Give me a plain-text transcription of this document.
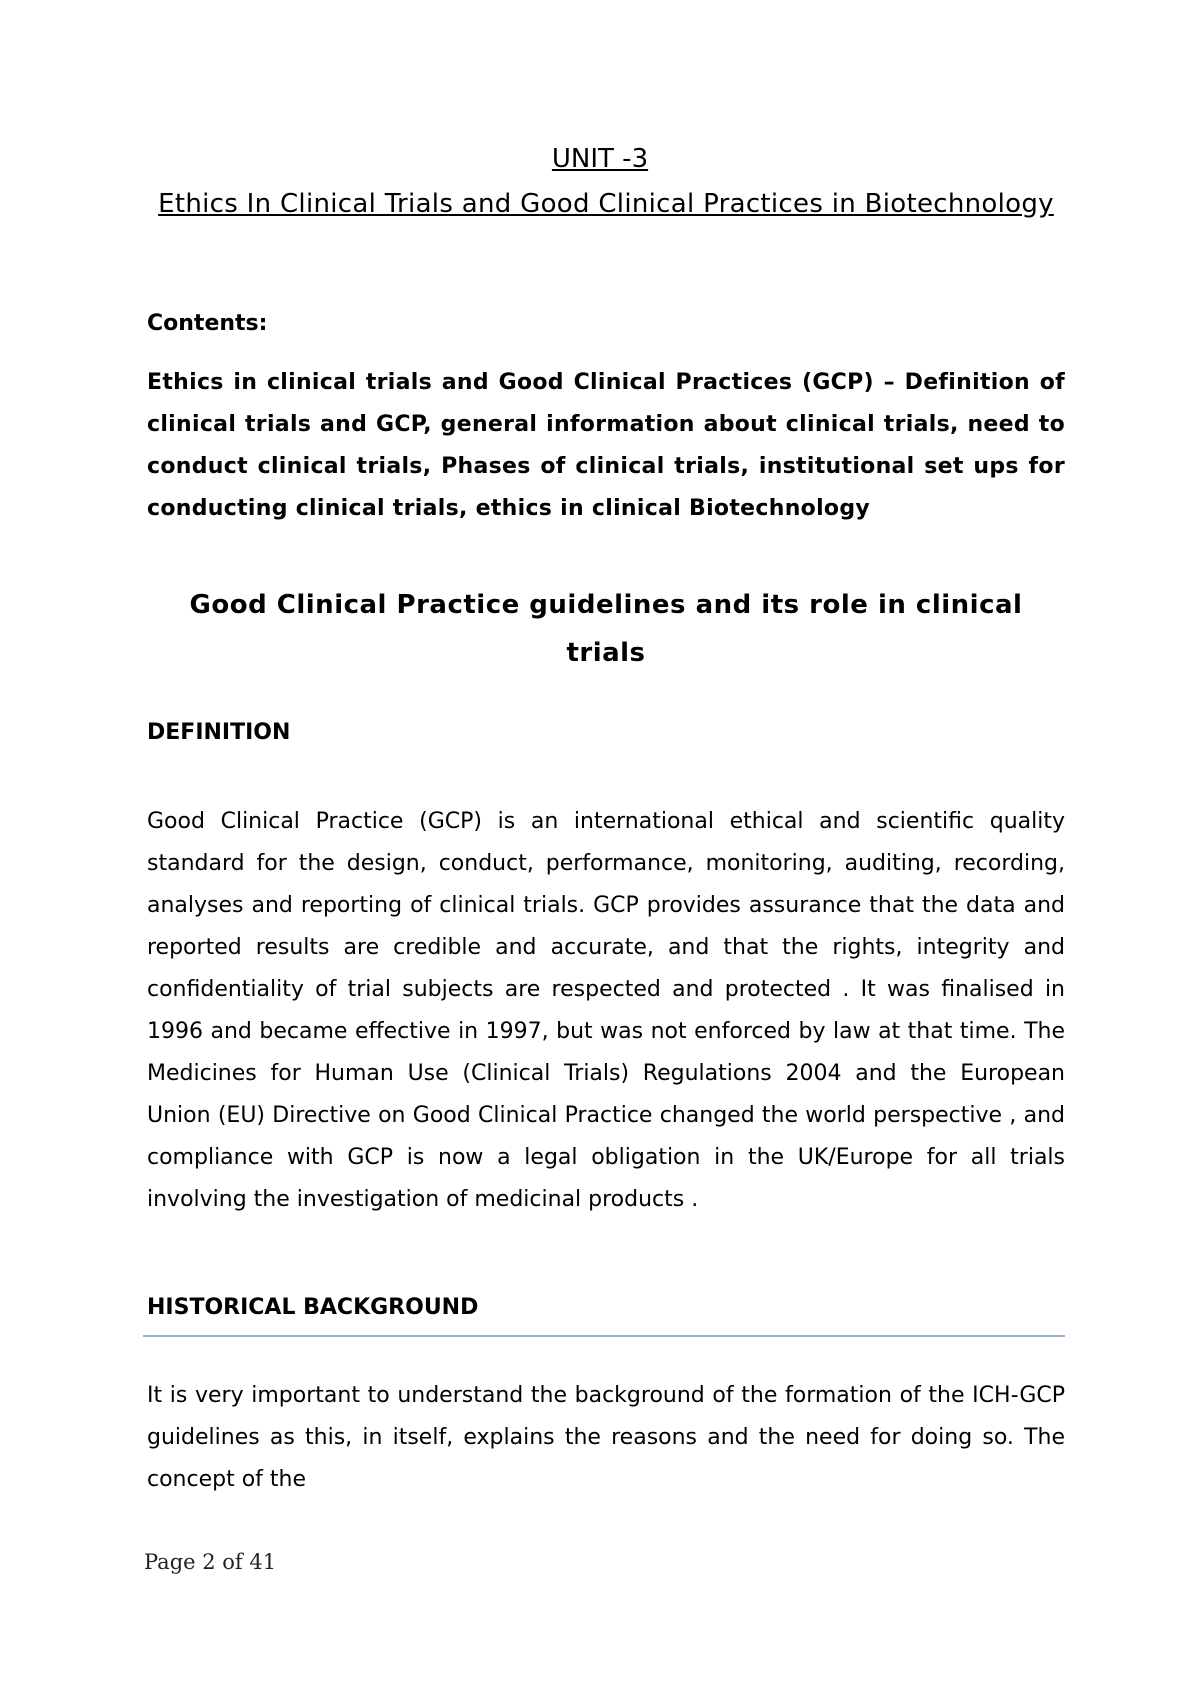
UNIT -3
Ethics In Clinical Trials and Good Clinical Practices in Biotechnology

Contents:

Ethics in clinical trials and Good Clinical Practices (GCP) – Definition of clinical trials and GCP, general information about clinical trials, need to conduct clinical trials, Phases of clinical trials, institutional set ups for conducting clinical trials, ethics in clinical Biotechnology

Good Clinical Practice guidelines and its role in clinical trials

DEFINITION

Good Clinical Practice (GCP) is an international ethical and scientific quality standard for the design, conduct, performance, monitoring, auditing, recording, analyses and reporting of clinical trials. GCP provides assurance that the data and reported results are credible and accurate, and that the rights, integrity and confidentiality of trial subjects are respected and protected . It was finalised in 1996 and became effective in 1997, but was not enforced by law at that time. The Medicines for Human Use (Clinical Trials) Regulations 2004 and the European Union (EU) Directive on Good Clinical Practice changed the world perspective , and compliance with GCP is now a legal obligation in the UK/Europe for all trials involving the investigation of medicinal products .

HISTORICAL BACKGROUND

It is very important to understand the background of the formation of the ICH-GCP guidelines as this, in itself, explains the reasons and the need for doing so. The concept of the

Page 2 of 41
